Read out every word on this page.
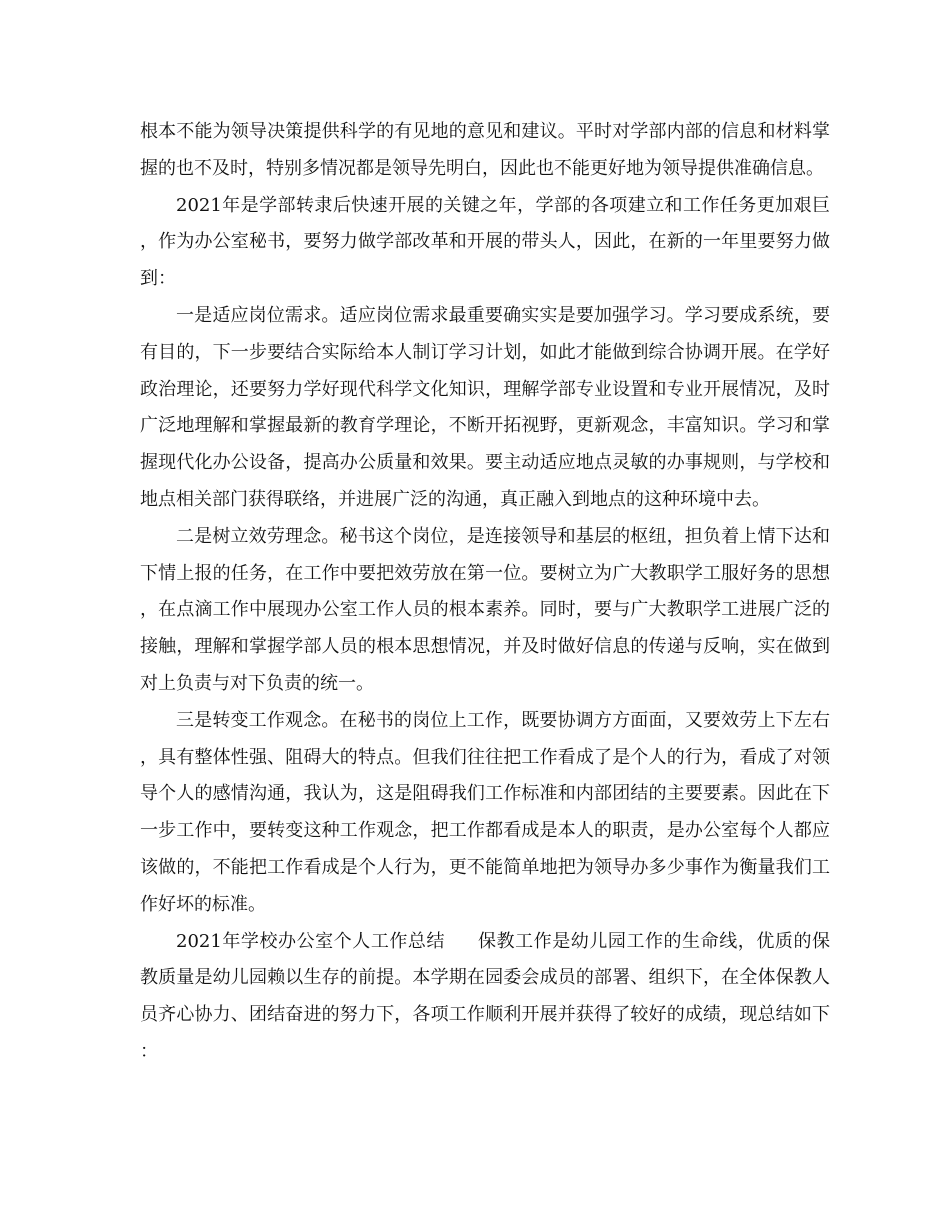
根本不能为领导决策提供科学的有见地的意见和建议。平时对学部内部的信息和材料掌握的也不及时，特别多情况都是领导先明白，因此也不能更好地为领导提供准确信息。

2021年是学部转隶后快速开展的关键之年，学部的各项建立和工作任务更加艰巨，作为办公室秘书，要努力做学部改革和开展的带头人，因此，在新的一年里要努力做到：

一是适应岗位需求。适应岗位需求最重要确实实是要加强学习。学习要成系统，要有目的，下一步要结合实际给本人制订学习计划，如此才能做到综合协调开展。在学好政治理论，还要努力学好现代科学文化知识，理解学部专业设置和专业开展情况，及时广泛地理解和掌握最新的教育学理论，不断开拓视野，更新观念，丰富知识。学习和掌握现代化办公设备，提高办公质量和效果。要主动适应地点灵敏的办事规则，与学校和地点相关部门获得联络，并进展广泛的沟通，真正融入到地点的这种环境中去。

二是树立效劳理念。秘书这个岗位，是连接领导和基层的枢纽，担负着上情下达和下情上报的任务，在工作中要把效劳放在第一位。要树立为广大教职学工服好务的思想，在点滴工作中展现办公室工作人员的根本素养。同时，要与广大教职学工进展广泛的接触，理解和掌握学部人员的根本思想情况，并及时做好信息的传递与反响，实在做到对上负责与对下负责的统一。

三是转变工作观念。在秘书的岗位上工作，既要协调方方面面，又要效劳上下左右，具有整体性强、阻碍大的特点。但我们往往把工作看成了是个人的行为，看成了对领导个人的感情沟通，我认为，这是阻碍我们工作标准和内部团结的主要要素。因此在下一步工作中，要转变这种工作观念，把工作都看成是本人的职责，是办公室每个人都应该做的，不能把工作看成是个人行为，更不能简单地把为领导办多少事作为衡量我们工作好坏的标准。

2021年学校办公室个人工作总结 保教工作是幼儿园工作的生命线，优质的保教质量是幼儿园赖以生存的前提。本学期在园委会成员的部署、组织下，在全体保教人员齐心协力、团结奋进的努力下，各项工作顺利开展并获得了较好的成绩，现总结如下：
